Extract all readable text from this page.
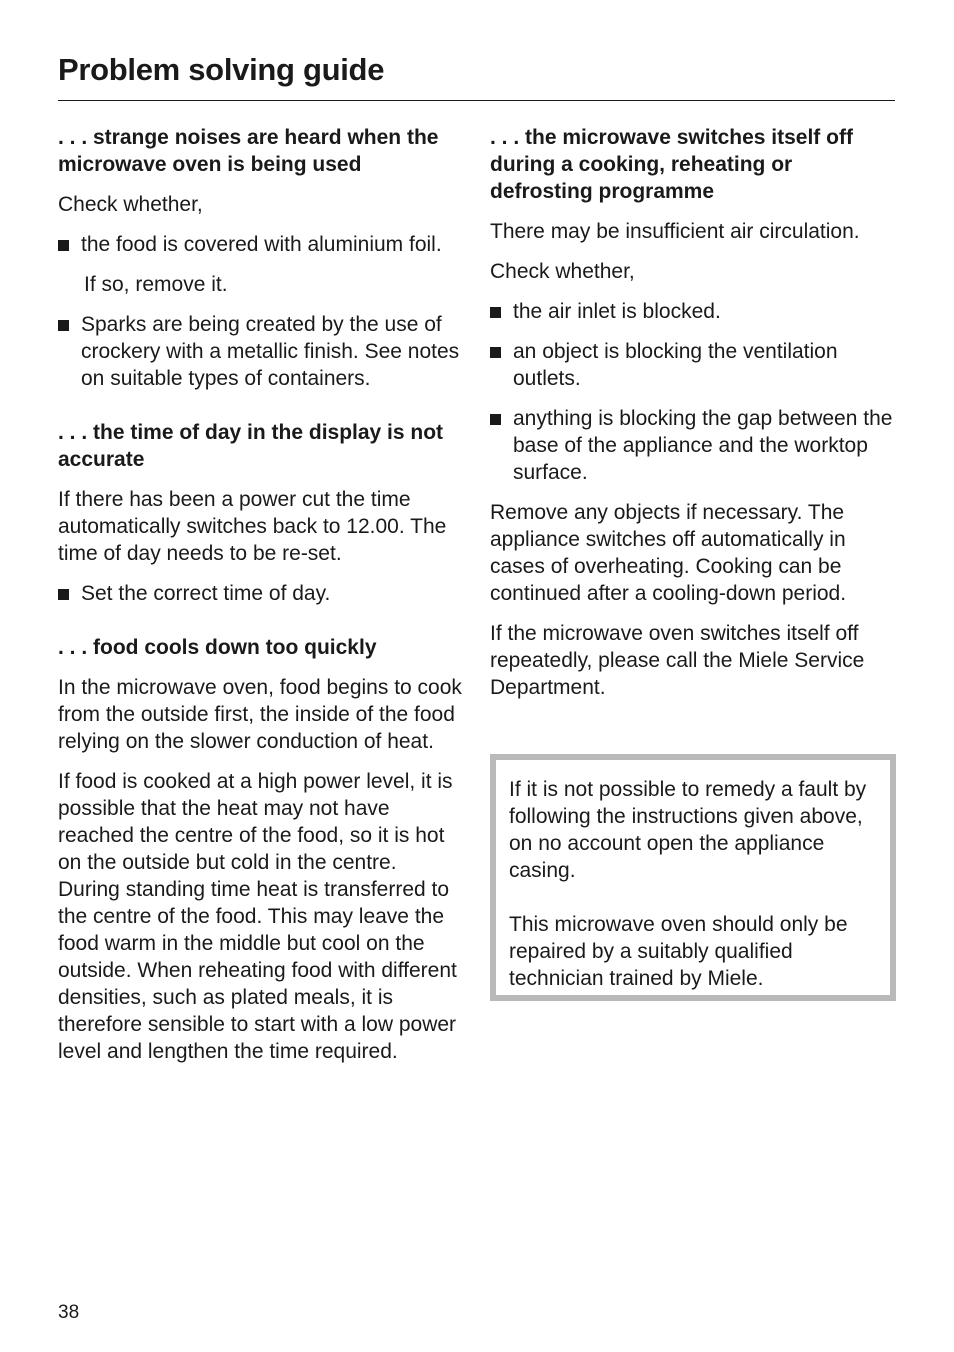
Problem solving guide
. . . strange noises are heard when the microwave oven is being used

Check whether,

the food is covered with aluminium foil.

If so, remove it.

Sparks are being created by the use of crockery with a metallic finish. See notes on suitable types of containers.
. . . the time of day in the display is not accurate

If there has been a power cut the time automatically switches back to 12.00. The time of day needs to be re-set.

Set the correct time of day.
. . . food cools down too quickly

In the microwave oven, food begins to cook from the outside first, the inside of the food relying on the slower conduction of heat.

If food is cooked at a high power level, it is possible that the heat may not have reached the centre of the food, so it is hot on the outside but cold in the centre. During standing time heat is transferred to the centre of the food. This may leave the food warm in the middle but cool on the outside. When reheating food with different densities, such as plated meals, it is therefore sensible to start with a low power level and lengthen the time required.

. . . the microwave switches itself off during a cooking, reheating or defrosting programme

There may be insufficient air circulation.

Check whether,

the air inlet is blocked.
an object is blocking the ventilation outlets.
anything is blocking the gap between the base of the appliance and the worktop surface.

Remove any objects if necessary. The appliance switches off automatically in cases of overheating. Cooking can be continued after a cooling-down period.

If the microwave oven switches itself off repeatedly, please call the Miele Service Department.

If it is not possible to remedy a fault by following the instructions given above, on no account open the appliance casing.

This microwave oven should only be repaired by a suitably qualified technician trained by Miele.

38
